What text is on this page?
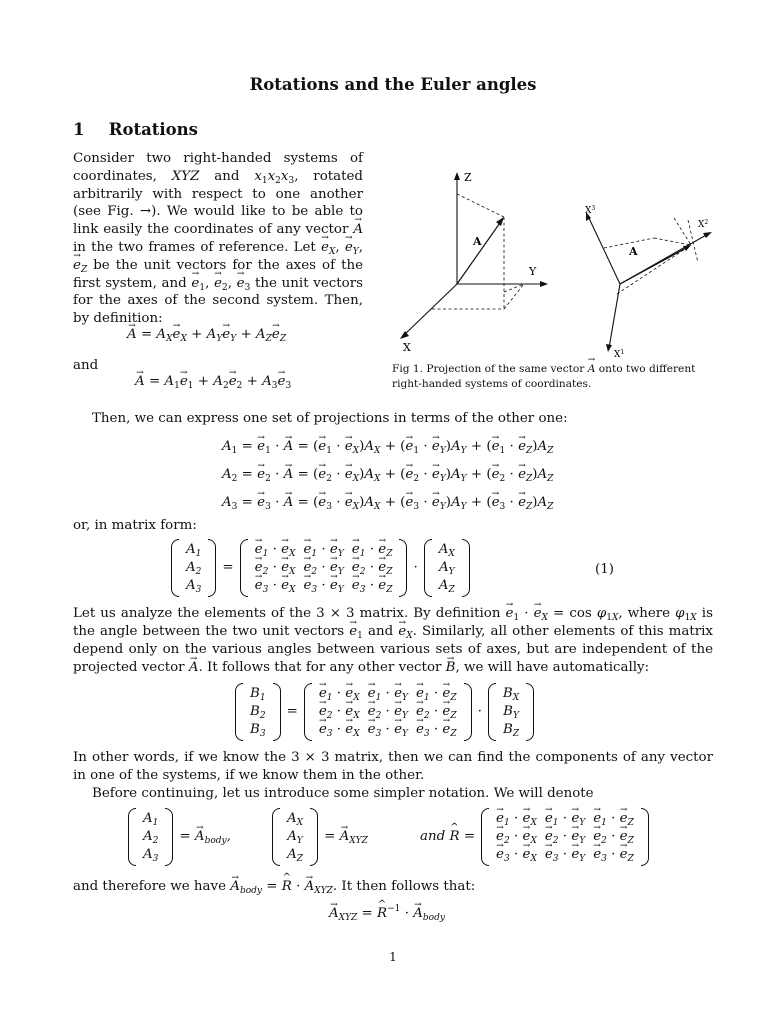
Rotations and the Euler angles
1 Rotations
Consider two right-handed systems of coordinates, XYZ and $x_1x_2x_3$, rotated arbitrarily with respect to one another (see Fig. →). We would like to be able to link easily the coordinates of any vector → A in the two frames of reference. Let → $e_X$, → $e_Y$, → $e_Z$ be the unit vectors for the axes of the first system, and → $e_1$, → $e_2$, → $e_3$ the unit vectors for the axes of the second system. Then, by definition:
→ $A = A_X\to e_X + A_Y\to e_Y + A_Z\to e_Z$
and
→ $A = A_1\to e_1 + A_2\to e_2 + A_3\to e_3$
Z
Y
X
A
$X^3$
$X^2$
$X^1$
A
Fig 1. Projection of the same vector → A onto two different right-handed systems of coordinates.
Then, we can express one set of projections in terms of the other one:
$A_1$ = → $e_1$ · → A = (→ $e_1$ · → $e_X)A_X$ + (→ $e_1$ · → $e_Y)A_Y$ + (→ $e_1$ · → $e_Z)A_Z$
$A_2$ = → $e_2$ · → A = (→ $e_2$ · → $e_X)A_X$ + (→ $e_2$ · → $e_Y)A_Y$ + (→ $e_2$ · → $e_Z)A_Z$
$A_3$ = → $e_3$ · → A = (→ $e_3$ · → $e_X)A_X$ + (→ $e_3$ · → $e_Y)A_Y$ + (→ $e_3$ · → $e_Z)A_Z$
or, in matrix form:
$A_1$
$A_2$
$A_3$
=
→ $e_1$ · → $e_X$	→ $e_1$ · → $e_Y$	→ $e_1$ · → $e_Z$
→ $e_2$ · → $e_X$	→ $e_2$ · → $e_Y$	→ $e_2$ · → $e_Z$
→ $e_3$ · → $e_X$	→ $e_3$ · → $e_Y$	→ $e_3$ · → $e_Z$
·
$A_X$
$A_Y$
$A_Z$
(1)
Let us analyze the elements of the 3 × 3 matrix. By definition → $e_1$ · → $e_X = \cos \varphi_{1X}$, where $\varphi_{1X}$ is the angle between the two unit vectors → $e_1$ and → $e_X$. Similarly, all other elements of this matrix depend only on the various angles between various sets of axes, but are independent of the projected vector → A. It follows that for any other vector → B, we will have automatically:
$B_1$
$B_2$
$B_3$
=
→ $e_1$ · → $e_X$	→ $e_1$ · → $e_Y$	→ $e_1$ · → $e_Z$
→ $e_2$ · → $e_X$	→ $e_2$ · → $e_Y$	→ $e_2$ · → $e_Z$
→ $e_3$ · → $e_X$	→ $e_3$ · → $e_Y$	→ $e_3$ · → $e_Z$
·
$B_X$
$B_Y$
$B_Z$
In other words, if we know the 3 × 3 matrix, then we can find the components of any vector in one of the systems, if we know them in the other.
Before continuing, let us introduce some simpler notation. We will denote
$A_1$
$A_2$
$A_3$
= → $A_{body}$,
$A_X$
$A_Y$
$A_Z$
= → $A_{XYZ}$	and ^ R =
→ $e_1$ · → $e_X$	→ $e_1$ · → $e_Y$	→ $e_1$ · → $e_Z$
→ $e_2$ · → $e_X$	→ $e_2$ · → $e_Y$	→ $e_2$ · → $e_Z$
→ $e_3$ · → $e_X$	→ $e_3$ · → $e_Y$	→ $e_3$ · → $e_Z$
and therefore we have → $A_{body}$ = ^ R · → $A_{XYZ}$. It then follows that:
→ $A_{XYZ}$ = ^ $R^{-1}$ · → $A_{body}$
1
